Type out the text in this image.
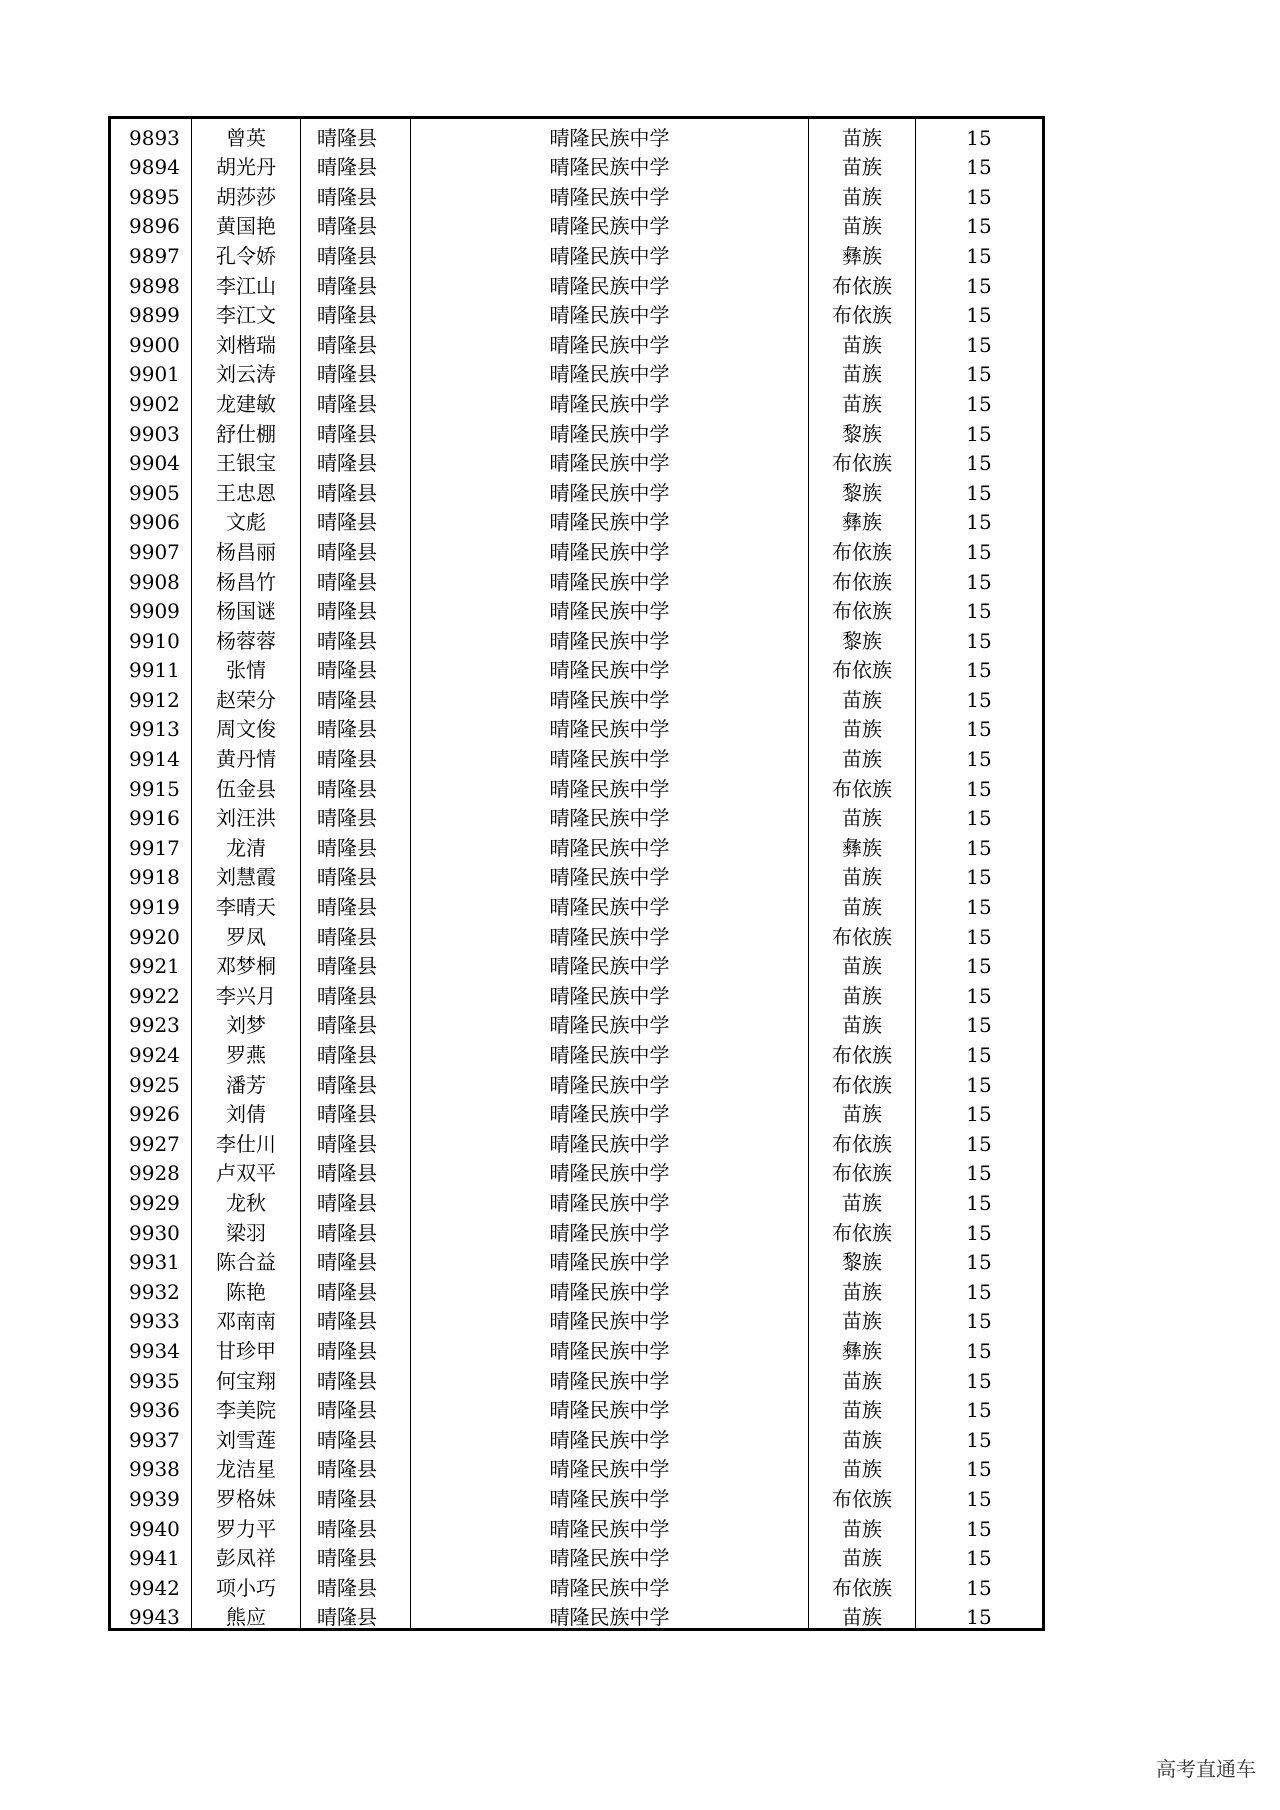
9893	曾英	晴隆县	晴隆民族中学	苗族	15
9894	胡光丹	晴隆县	晴隆民族中学	苗族	15
9895	胡莎莎	晴隆县	晴隆民族中学	苗族	15
9896	黄国艳	晴隆县	晴隆民族中学	苗族	15
9897	孔令娇	晴隆县	晴隆民族中学	彝族	15
9898	李江山	晴隆县	晴隆民族中学	布依族	15
9899	李江文	晴隆县	晴隆民族中学	布依族	15
9900	刘楷瑞	晴隆县	晴隆民族中学	苗族	15
9901	刘云涛	晴隆县	晴隆民族中学	苗族	15
9902	龙建敏	晴隆县	晴隆民族中学	苗族	15
9903	舒仕棚	晴隆县	晴隆民族中学	黎族	15
9904	王银宝	晴隆县	晴隆民族中学	布依族	15
9905	王忠恩	晴隆县	晴隆民族中学	黎族	15
9906	文彪	晴隆县	晴隆民族中学	彝族	15
9907	杨昌丽	晴隆县	晴隆民族中学	布依族	15
9908	杨昌竹	晴隆县	晴隆民族中学	布依族	15
9909	杨国谜	晴隆县	晴隆民族中学	布依族	15
9910	杨蓉蓉	晴隆县	晴隆民族中学	黎族	15
9911	张情	晴隆县	晴隆民族中学	布依族	15
9912	赵荣分	晴隆县	晴隆民族中学	苗族	15
9913	周文俊	晴隆县	晴隆民族中学	苗族	15
9914	黄丹情	晴隆县	晴隆民族中学	苗族	15
9915	伍金县	晴隆县	晴隆民族中学	布依族	15
9916	刘汪洪	晴隆县	晴隆民族中学	苗族	15
9917	龙清	晴隆县	晴隆民族中学	彝族	15
9918	刘慧霞	晴隆县	晴隆民族中学	苗族	15
9919	李晴天	晴隆县	晴隆民族中学	苗族	15
9920	罗凤	晴隆县	晴隆民族中学	布依族	15
9921	邓梦桐	晴隆县	晴隆民族中学	苗族	15
9922	李兴月	晴隆县	晴隆民族中学	苗族	15
9923	刘梦	晴隆县	晴隆民族中学	苗族	15
9924	罗燕	晴隆县	晴隆民族中学	布依族	15
9925	潘芳	晴隆县	晴隆民族中学	布依族	15
9926	刘倩	晴隆县	晴隆民族中学	苗族	15
9927	李仕川	晴隆县	晴隆民族中学	布依族	15
9928	卢双平	晴隆县	晴隆民族中学	布依族	15
9929	龙秋	晴隆县	晴隆民族中学	苗族	15
9930	梁羽	晴隆县	晴隆民族中学	布依族	15
9931	陈合益	晴隆县	晴隆民族中学	黎族	15
9932	陈艳	晴隆县	晴隆民族中学	苗族	15
9933	邓南南	晴隆县	晴隆民族中学	苗族	15
9934	甘珍甲	晴隆县	晴隆民族中学	彝族	15
9935	何宝翔	晴隆县	晴隆民族中学	苗族	15
9936	李美院	晴隆县	晴隆民族中学	苗族	15
9937	刘雪莲	晴隆县	晴隆民族中学	苗族	15
9938	龙洁星	晴隆县	晴隆民族中学	苗族	15
9939	罗格妹	晴隆县	晴隆民族中学	布依族	15
9940	罗力平	晴隆县	晴隆民族中学	苗族	15
9941	彭凤祥	晴隆县	晴隆民族中学	苗族	15
9942	项小巧	晴隆县	晴隆民族中学	布依族	15
9943	熊应	晴隆县	晴隆民族中学	苗族	15
高考直通车
